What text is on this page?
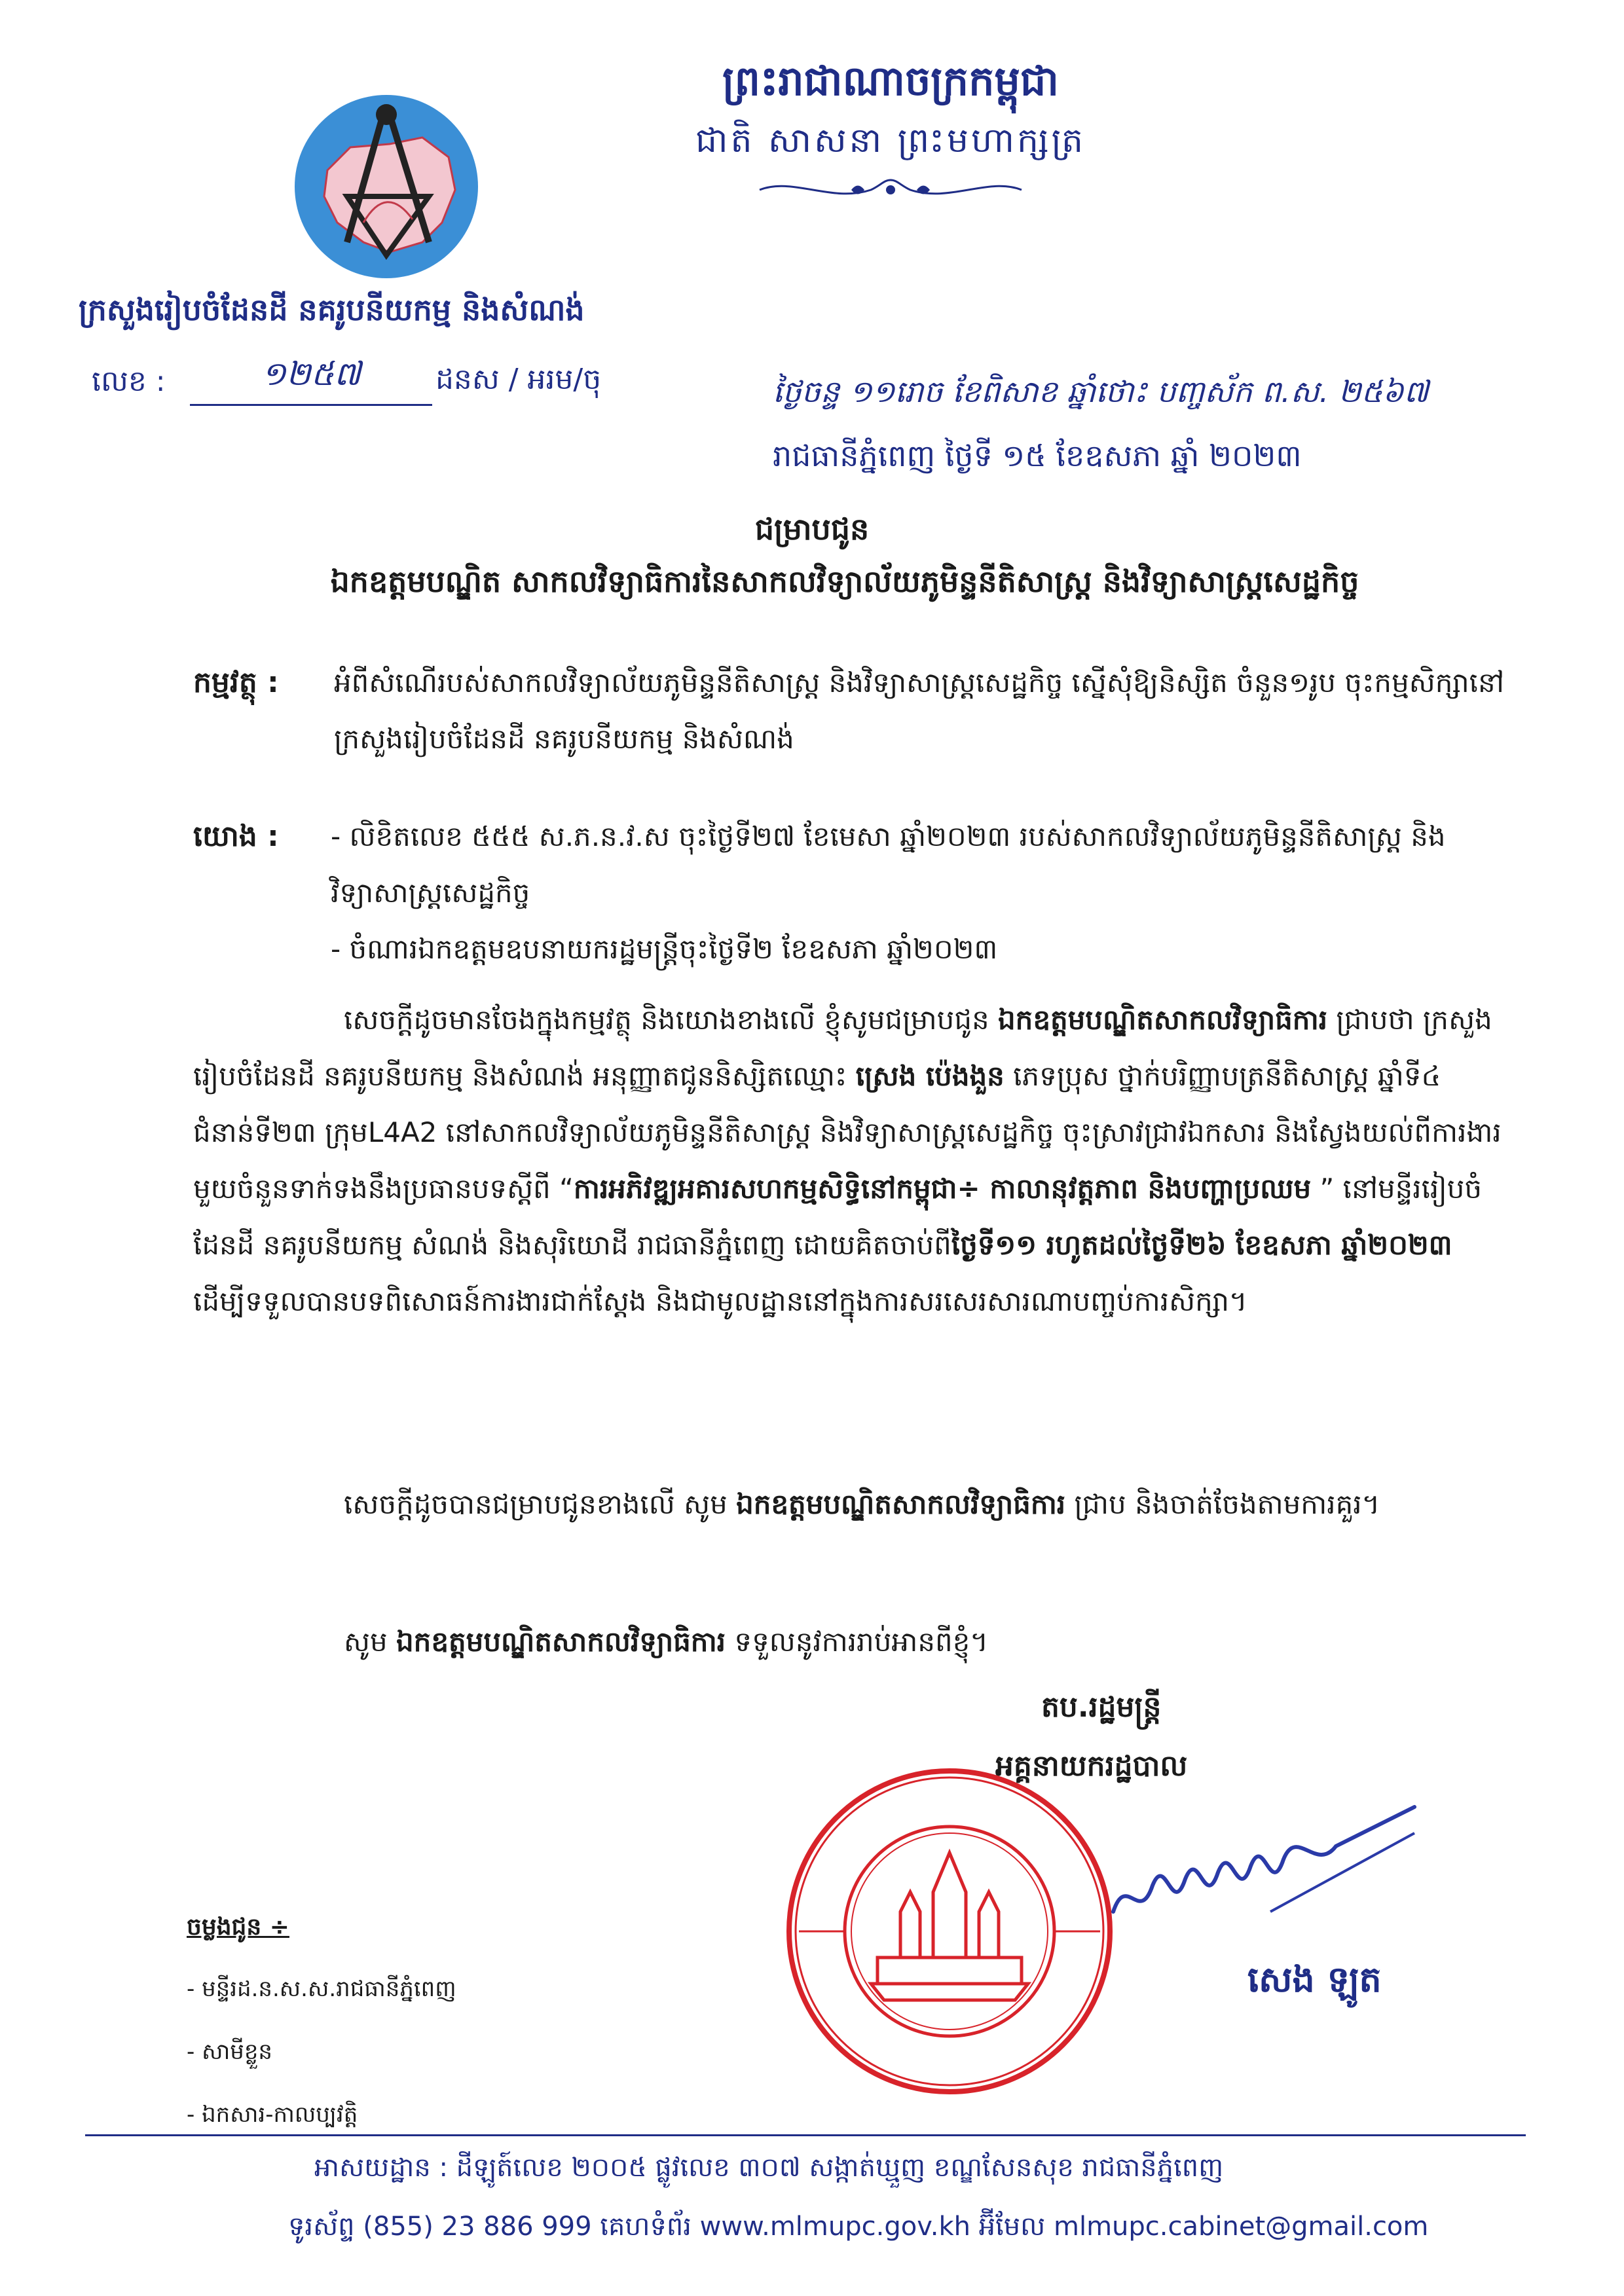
ព្រះរាជាណាចក្រកម្ពុជា
ជាតិ សាសនា ព្រះមហាក្សត្រ
ក្រសួងរៀបចំដែនដី នគរូបនីយកម្ម និងសំណង់
លេខ :	១២៥៧	ដនស / អរម/ចុ	ថ្ងៃចន្ទ ១១រោច ខែពិសាខ ឆ្នាំថោះ បញ្ចស័ក ព.ស. ២៥៦៧
រាជធានីភ្នំពេញ ថ្ងៃទី ១៥ ខែឧសភា ឆ្នាំ ២០២៣
ជម្រាបជូន
ឯកឧត្តមបណ្ឌិត សាកលវិទ្យាធិការនៃសាកលវិទ្យាល័យភូមិន្ទនីតិសាស្ត្រ និងវិទ្យាសាស្ត្រសេដ្ឋកិច្ច
កម្មវត្ថុ : អំពីសំណើរបស់សាកលវិទ្យាល័យភូមិន្ទនីតិសាស្ត្រ និងវិទ្យាសាស្ត្រសេដ្ឋកិច្ច ស្នើសុំឱ្យនិស្សិត ចំនួន១រូប ចុះកម្មសិក្សានៅក្រសួងរៀបចំដែនដី នគរូបនីយកម្ម និងសំណង់
យោង : - លិខិតលេខ ៥៥៥ ស.ភ.ន.វ.ស ចុះថ្ងៃទី២៧ ខែមេសា ឆ្នាំ២០២៣ របស់សាកលវិទ្យាល័យភូមិន្ទនីតិសាស្ត្រ និងវិទ្យាសាស្ត្រសេដ្ឋកិច្ច
- ចំណារឯកឧត្តមឧបនាយករដ្ឋមន្ត្រីចុះថ្ងៃទី២ ខែឧសភា ឆ្នាំ២០២៣
សេចក្តីដូចមានចែងក្នុងកម្មវត្ថុ និងយោងខាងលើ ខ្ញុំសូមជម្រាបជូន ឯកឧត្តមបណ្ឌិតសាកលវិទ្យាធិការ ជ្រាបថា ក្រសួងរៀបចំដែនដី នគរូបនីយកម្ម និងសំណង់ អនុញ្ញាតជូននិស្សិតឈ្មោះ ស្រេង ប៉េងងួន ភេទប្រុស ថ្នាក់បរិញ្ញាបត្រនីតិសាស្ត្រ ឆ្នាំទី៤ ជំនាន់ទី២៣ ក្រុមL4A2 នៅសាកលវិទ្យាល័យភូមិន្ទនីតិសាស្ត្រ និងវិទ្យាសាស្ត្រសេដ្ឋកិច្ច ចុះស្រាវជ្រាវឯកសារ និងស្វែងយល់ពីការងារមួយចំនួនទាក់ទងនឹងប្រធានបទស្តីពី “ការអភិវឌ្ឍអគារសហកម្មសិទ្ធិនៅកម្ពុជា÷ កាលានុវត្តភាព និងបញ្ហាប្រឈម ” នៅមន្ទីររៀបចំដែនដី នគរូបនីយកម្ម សំណង់ និងសុរិយោដី រាជធានីភ្នំពេញ ដោយគិតចាប់ពីថ្ងៃទី១១ រហូតដល់ថ្ងៃទី២៦ ខែឧសភា ឆ្នាំ២០២៣ ដើម្បីទទួលបានបទពិសោធន៍ការងារជាក់ស្តែង និងជាមូលដ្ឋាននៅក្នុងការសរសេរសារណាបញ្ចប់ការសិក្សា។
សេចក្តីដូចបានជម្រាបជូនខាងលើ សូម ឯកឧត្តមបណ្ឌិតសាកលវិទ្យាធិការ ជ្រាប និងចាត់ចែងតាមការគួរ។
សូម ឯកឧត្តមបណ្ឌិតសាកលវិទ្យាធិការ ទទួលនូវការរាប់អានពីខ្ញុំ។
តប.រដ្ឋមន្ត្រី
អគ្គនាយករដ្ឋបាល
សេង ឡូត
ចម្លងជូន ÷
- មន្ទីរដ.ន.ស.ស.រាជធានីភ្នំពេញ
- សាមីខ្លួន
- ឯកសារ-កាលប្បវត្តិ
អាសយដ្ឋាន : ដីឡូត៍លេខ ២០០៥ ផ្លូវលេខ ៣០៧ សង្កាត់ឃ្មួញ ខណ្ឌសែនសុខ រាជធានីភ្នំពេញ
ទូរស័ព្ទ (855) 23 886 999 គេហទំព័រ www.mlmupc.gov.kh អ៊ីមែល mlmupc.cabinet@gmail.com
